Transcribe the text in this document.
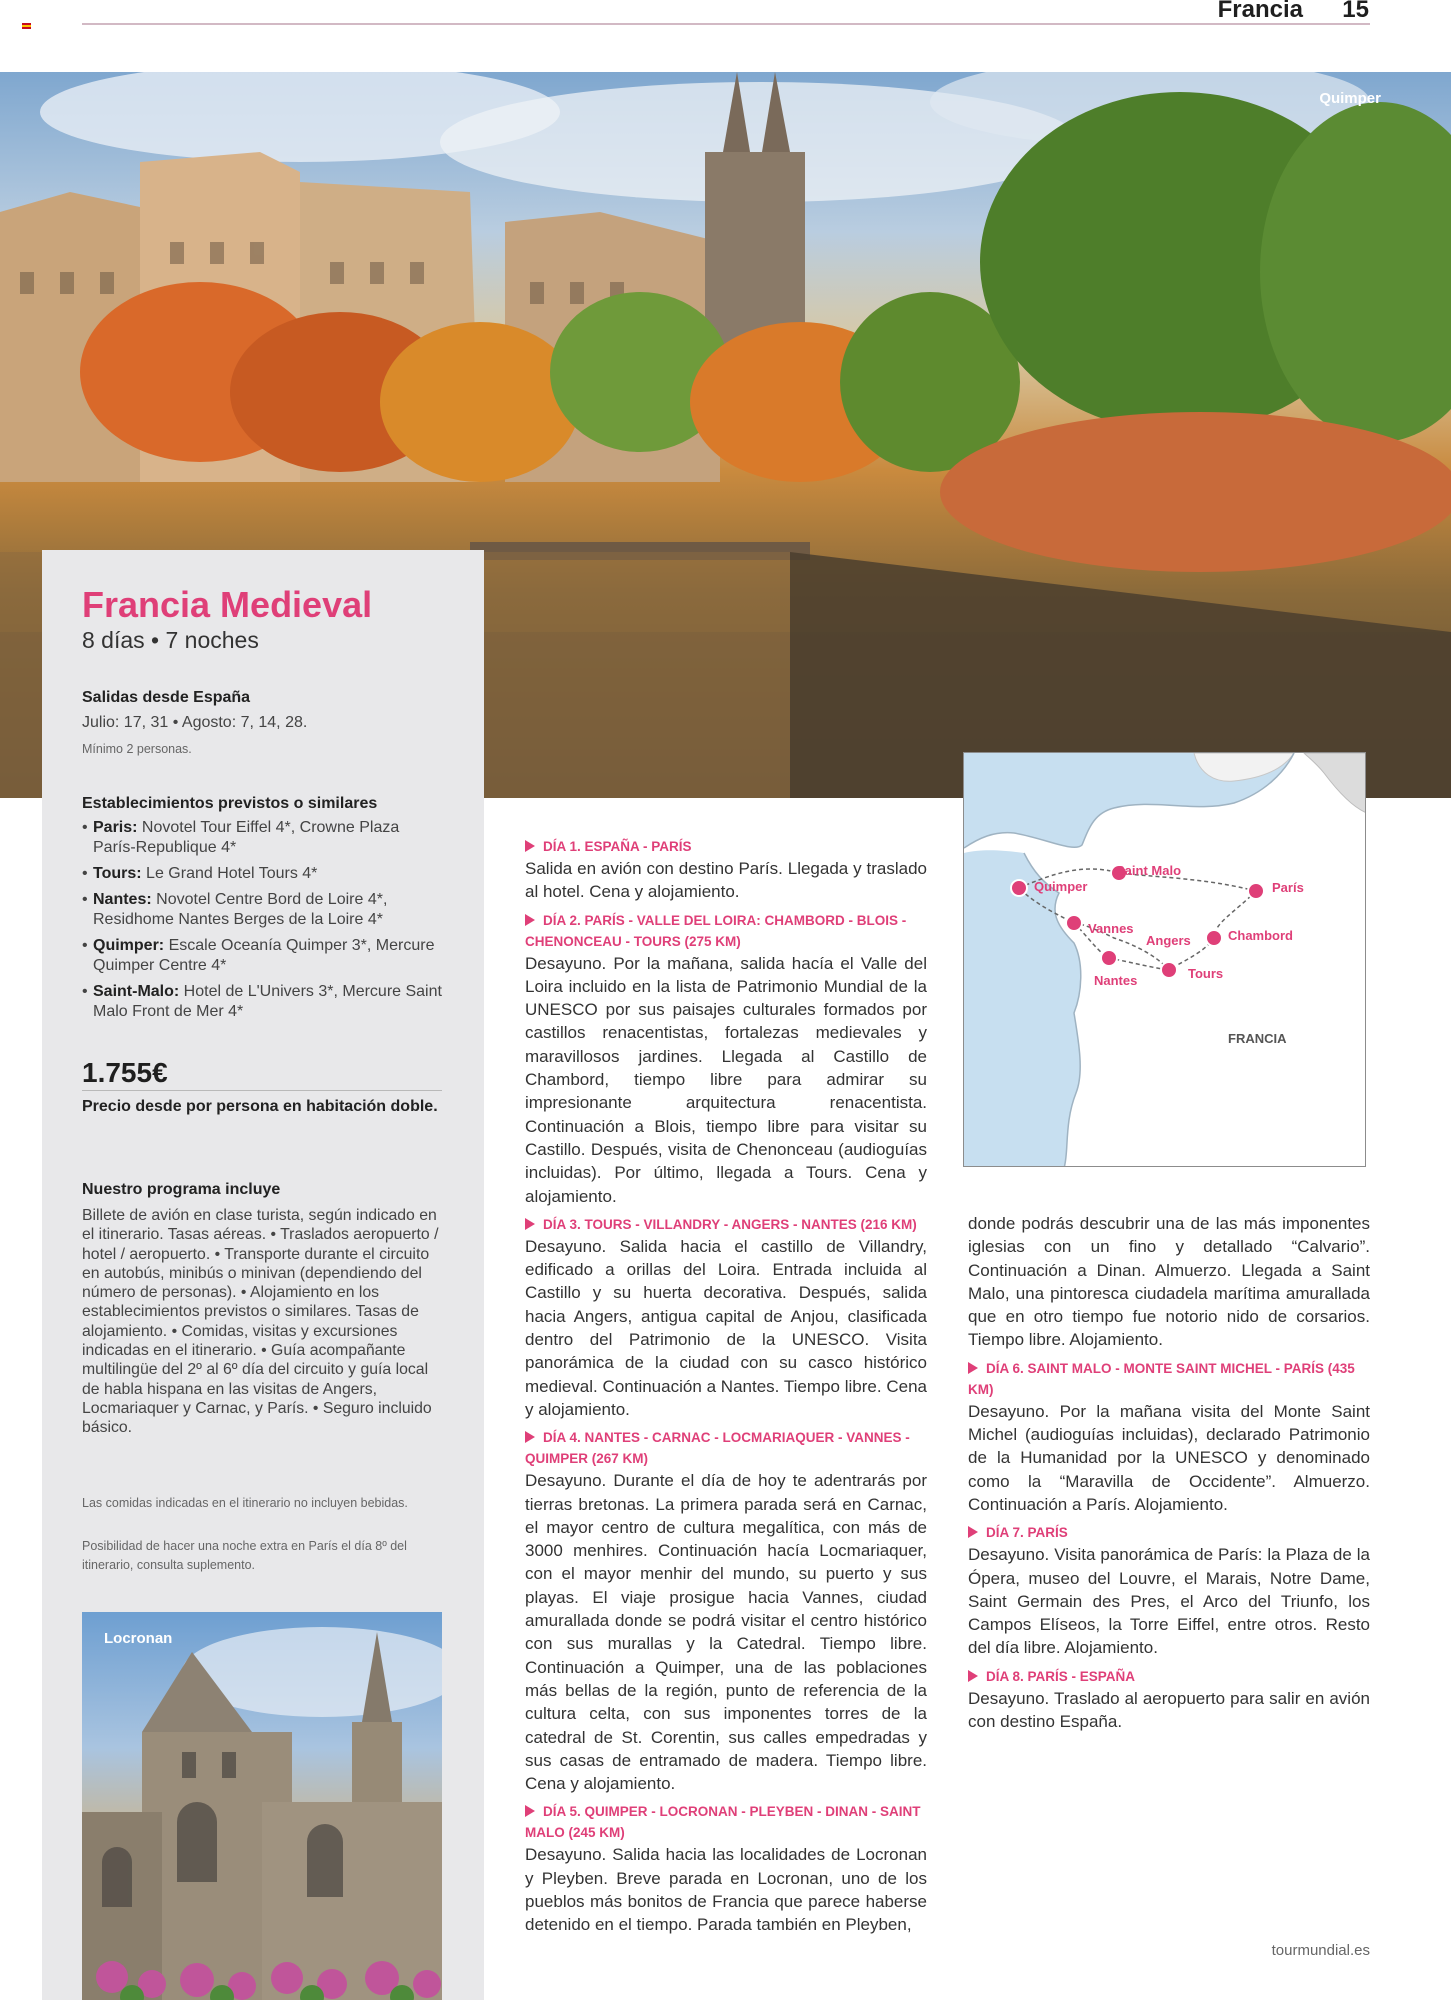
Francia	15
Quimper
Francia Medieval
8 días • 7 noches
Salidas desde España
Julio: 17, 31 • Agosto: 7, 14, 28.
Mínimo 2 personas.
Establecimientos previstos o similares
• Paris: Novotel Tour Eiffel 4*, Crowne Plaza París-Republique 4*
• Tours: Le Grand Hotel Tours 4*
• Nantes: Novotel Centre Bord de Loire 4*, Residhome Nantes Berges de la Loire 4*
• Quimper: Escale Oceanía Quimper 3*, Mercure Quimper Centre 4*
• Saint-Malo: Hotel de L'Univers 3*, Mercure Saint Malo Front de Mer 4*
1.755€
Precio desde por persona en habitación doble.
Nuestro programa incluye
Billete de avión en clase turista, según indicado en el itinerario. Tasas aéreas. • Traslados aeropuerto / hotel / aeropuerto. • Transporte durante el circuito en autobús, minibús o minivan (dependiendo del número de personas). • Alojamiento en los establecimientos previstos o similares. Tasas de alojamiento. • Comidas, visitas y excursiones indicadas en el itinerario. • Guía acompañante multilingüe del 2º al 6º día del circuito y guía local de habla hispana en las visitas de Angers, Locmariaquer y Carnac, y París. • Seguro incluido básico.
Las comidas indicadas en el itinerario no incluyen bebidas.
Posibilidad de hacer una noche extra en París el día 8º del itinerario, consulta suplemento.
Locronan
Quimper
Saint Malo
París
Vannes
Angers	Chambord
Nantes	Tours
FRANCIA
DÍA 1. ESPAÑA - PARÍS
Salida en avión con destino París. Llegada y traslado al hotel. Cena y alojamiento.
DÍA 2. PARÍS - VALLE DEL LOIRA: CHAMBORD - BLOIS - CHENONCEAU - TOURS (275 KM)
Desayuno. Por la mañana, salida hacía el Valle del Loira incluido en la lista de Patrimonio Mundial de la UNESCO por sus paisajes culturales formados por castillos renacentistas, fortalezas medievales y maravillosos jardines. Llegada al Castillo de Chambord, tiempo libre para admirar su impresionante arquitectura renacentista. Continuación a Blois, tiempo libre para visitar su Castillo. Después, visita de Chenonceau (audioguías incluidas). Por último, llegada a Tours. Cena y alojamiento.
DÍA 3. TOURS - VILLANDRY - ANGERS - NANTES (216 KM)
Desayuno. Salida hacia el castillo de Villandry, edificado a orillas del Loira. Entrada incluida al Castillo y su huerta decorativa. Después, salida hacia Angers, antigua capital de Anjou, clasificada dentro del Patrimonio de la UNESCO. Visita panorámica de la ciudad con su casco histórico medieval. Continuación a Nantes. Tiempo libre. Cena y alojamiento.
DÍA 4. NANTES - CARNAC - LOCMARIAQUER - VANNES - QUIMPER (267 KM)
Desayuno. Durante el día de hoy te adentrarás por tierras bretonas. La primera parada será en Carnac, el mayor centro de cultura megalítica, con más de 3000 menhires. Continuación hacía Locmariaquer, con el mayor menhir del mundo, su puerto y sus playas. El viaje prosigue hacia Vannes, ciudad amurallada donde se podrá visitar el centro histórico con sus murallas y la Catedral. Tiempo libre. Continuación a Quimper, una de las poblaciones más bellas de la región, punto de referencia de la cultura celta, con sus imponentes torres de la catedral de St. Corentin, sus calles empedradas y sus casas de entramado de madera. Tiempo libre. Cena y alojamiento.
DÍA 5. QUIMPER - LOCRONAN - PLEYBEN - DINAN - SAINT MALO (245 KM)
Desayuno. Salida hacia las localidades de Locronan y Pleyben. Breve parada en Locronan, uno de los pueblos más bonitos de Francia que parece haberse detenido en el tiempo. Parada también en Pleyben,
donde podrás descubrir una de las más imponentes iglesias con un fino y detallado “Calvario”. Continuación a Dinan. Almuerzo. Llegada a Saint Malo, una pintoresca ciudadela marítima amurallada que en otro tiempo fue notorio nido de corsarios. Tiempo libre. Alojamiento.
DÍA 6. SAINT MALO - MONTE SAINT MICHEL - PARÍS (435 KM)
Desayuno. Por la mañana visita del Monte Saint Michel (audioguías incluidas), declarado Patrimonio de la Humanidad por la UNESCO y denominado como la “Maravilla de Occidente”. Almuerzo. Continuación a París. Alojamiento.
DÍA 7. PARÍS
Desayuno. Visita panorámica de París: la Plaza de la Ópera, museo del Louvre, el Marais, Notre Dame, Saint Germain des Pres, el Arco del Triunfo, los Campos Elíseos, la Torre Eiffel, entre otros. Resto del día libre. Alojamiento.
DÍA 8. PARÍS - ESPAÑA
Desayuno. Traslado al aeropuerto para salir en avión con destino España.
tourmundial.es
